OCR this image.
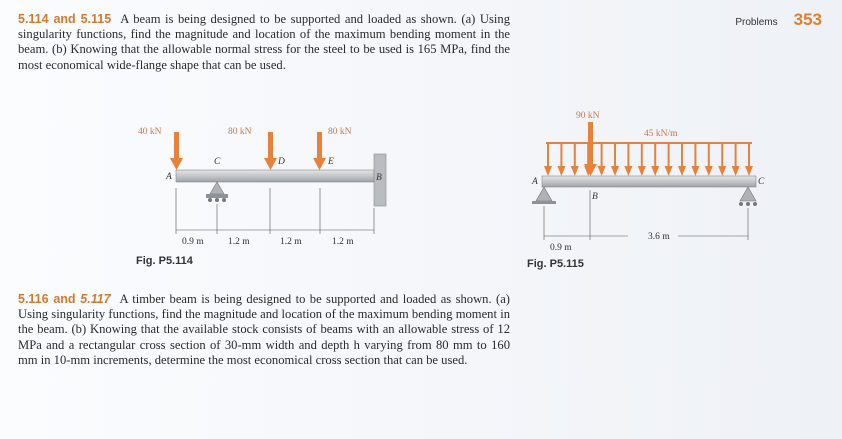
Problems 353
5.114 and 5.115 A beam is being designed to be supported and loaded as shown. (a) Using singularity functions, find the magnitude and location of the maximum bending moment in the beam. (b) Knowing that the allowable normal stress for the steel to be used is 165 MPa, find the most economical wide-flange shape that can be used.
40 kN	80 kN	80 kN
A
C	D	E
B
0.9 m	1.2 m	1.2 m	1.2 m
Fig. P5.114
90 kN
45 kN/m
A
B
C
0.9 m
3.6 m
Fig. P5.115
5.116 and 5.117 A timber beam is being designed to be supported and loaded as shown. (a) Using singularity functions, find the magnitude and location of the maximum bending moment in the beam. (b) Knowing that the available stock consists of beams with an allowable stress of 12 MPa and a rectangular cross section of 30-mm width and depth h varying from 80 mm to 160 mm in 10-mm increments, determine the most economical cross section that can be used.
